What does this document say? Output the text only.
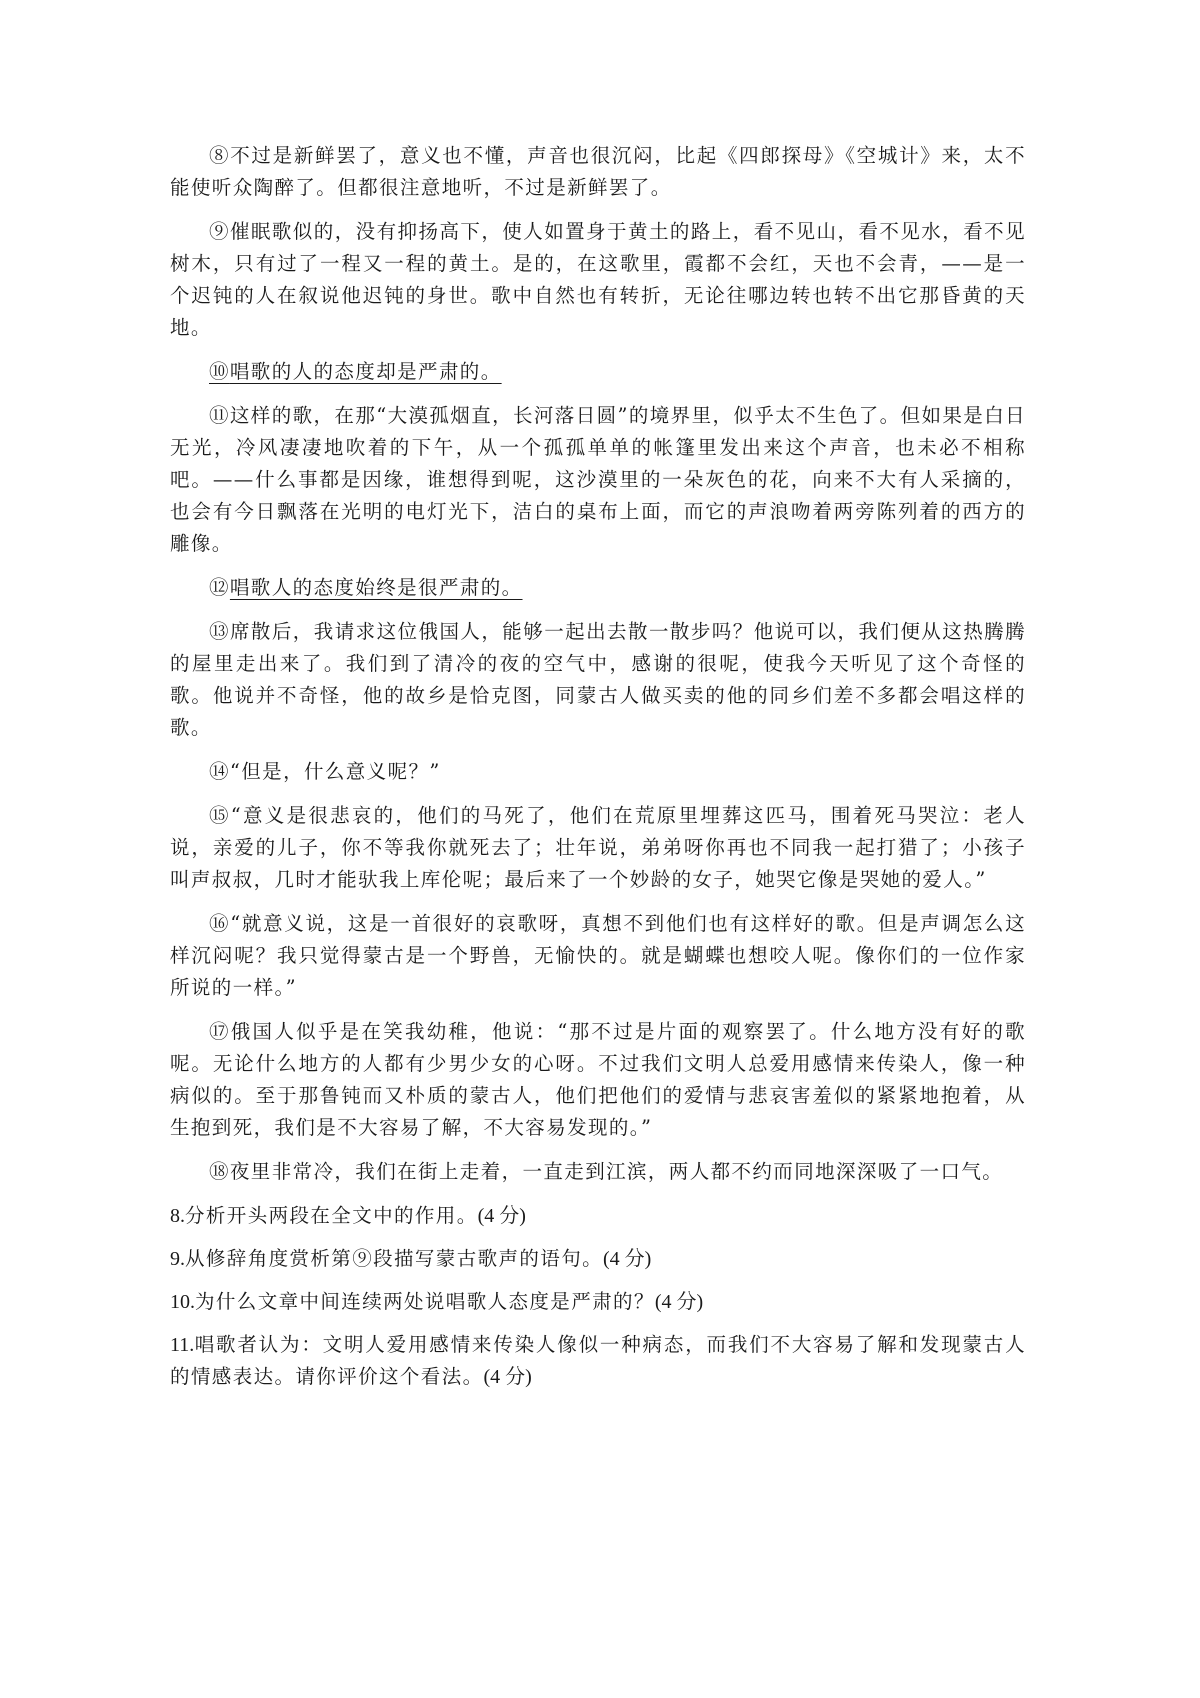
⑧不过是新鲜罢了，意义也不懂，声音也很沉闷，比起《四郎探母》《空城计》来，太不能使听众陶醉了。但都很注意地听，不过是新鲜罢了。

⑨催眠歌似的，没有抑扬高下，使人如置身于黄土的路上，看不见山，看不见水，看不见树木，只有过了一程又一程的黄土。是的，在这歌里，霞都不会红，天也不会青，——是一个迟钝的人在叙说他迟钝的身世。歌中自然也有转折，无论往哪边转也转不出它那昏黄的天地。

⑩唱歌的人的态度却是严肃的。

⑪这样的歌，在那“大漠孤烟直，长河落日圆”的境界里，似乎太不生色了。但如果是白日无光，冷风凄凄地吹着的下午，从一个孤孤单单的帐篷里发出来这个声音，也未必不相称吧。——什么事都是因缘，谁想得到呢，这沙漠里的一朵灰色的花，向来不大有人采摘的，也会有今日飘落在光明的电灯光下，洁白的桌布上面，而它的声浪吻着两旁陈列着的西方的雕像。

⑫唱歌人的态度始终是很严肃的。

⑬席散后，我请求这位俄国人，能够一起出去散一散步吗？他说可以，我们便从这热腾腾的屋里走出来了。我们到了清冷的夜的空气中，感谢的很呢，使我今天听见了这个奇怪的歌。他说并不奇怪，他的故乡是恰克图，同蒙古人做买卖的他的同乡们差不多都会唱这样的歌。

⑭“但是，什么意义呢？”

⑮“意义是很悲哀的，他们的马死了，他们在荒原里埋葬这匹马，围着死马哭泣：老人说，亲爱的儿子，你不等我你就死去了；壮年说，弟弟呀你再也不同我一起打猎了；小孩子叫声叔叔，几时才能驮我上库伦呢；最后来了一个妙龄的女子，她哭它像是哭她的爱人。”

⑯“就意义说，这是一首很好的哀歌呀，真想不到他们也有这样好的歌。但是声调怎么这样沉闷呢？我只觉得蒙古是一个野兽，无愉快的。就是蝴蝶也想咬人呢。像你们的一位作家所说的一样。”

⑰俄国人似乎是在笑我幼稚，他说：“那不过是片面的观察罢了。什么地方没有好的歌呢。无论什么地方的人都有少男少女的心呀。不过我们文明人总爱用感情来传染人，像一种病似的。至于那鲁钝而又朴质的蒙古人，他们把他们的爱情与悲哀害羞似的紧紧地抱着，从生抱到死，我们是不大容易了解，不大容易发现的。”

⑱夜里非常冷，我们在街上走着，一直走到江滨，两人都不约而同地深深吸了一口气。

8.分析开头两段在全文中的作用。(4 分)

9.从修辞角度赏析第⑨段描写蒙古歌声的语句。(4 分)

10.为什么文章中间连续两处说唱歌人态度是严肃的？(4 分)

11.唱歌者认为：文明人爱用感情来传染人像似一种病态，而我们不大容易了解和发现蒙古人的情感表达。请你评价这个看法。(4 分)
